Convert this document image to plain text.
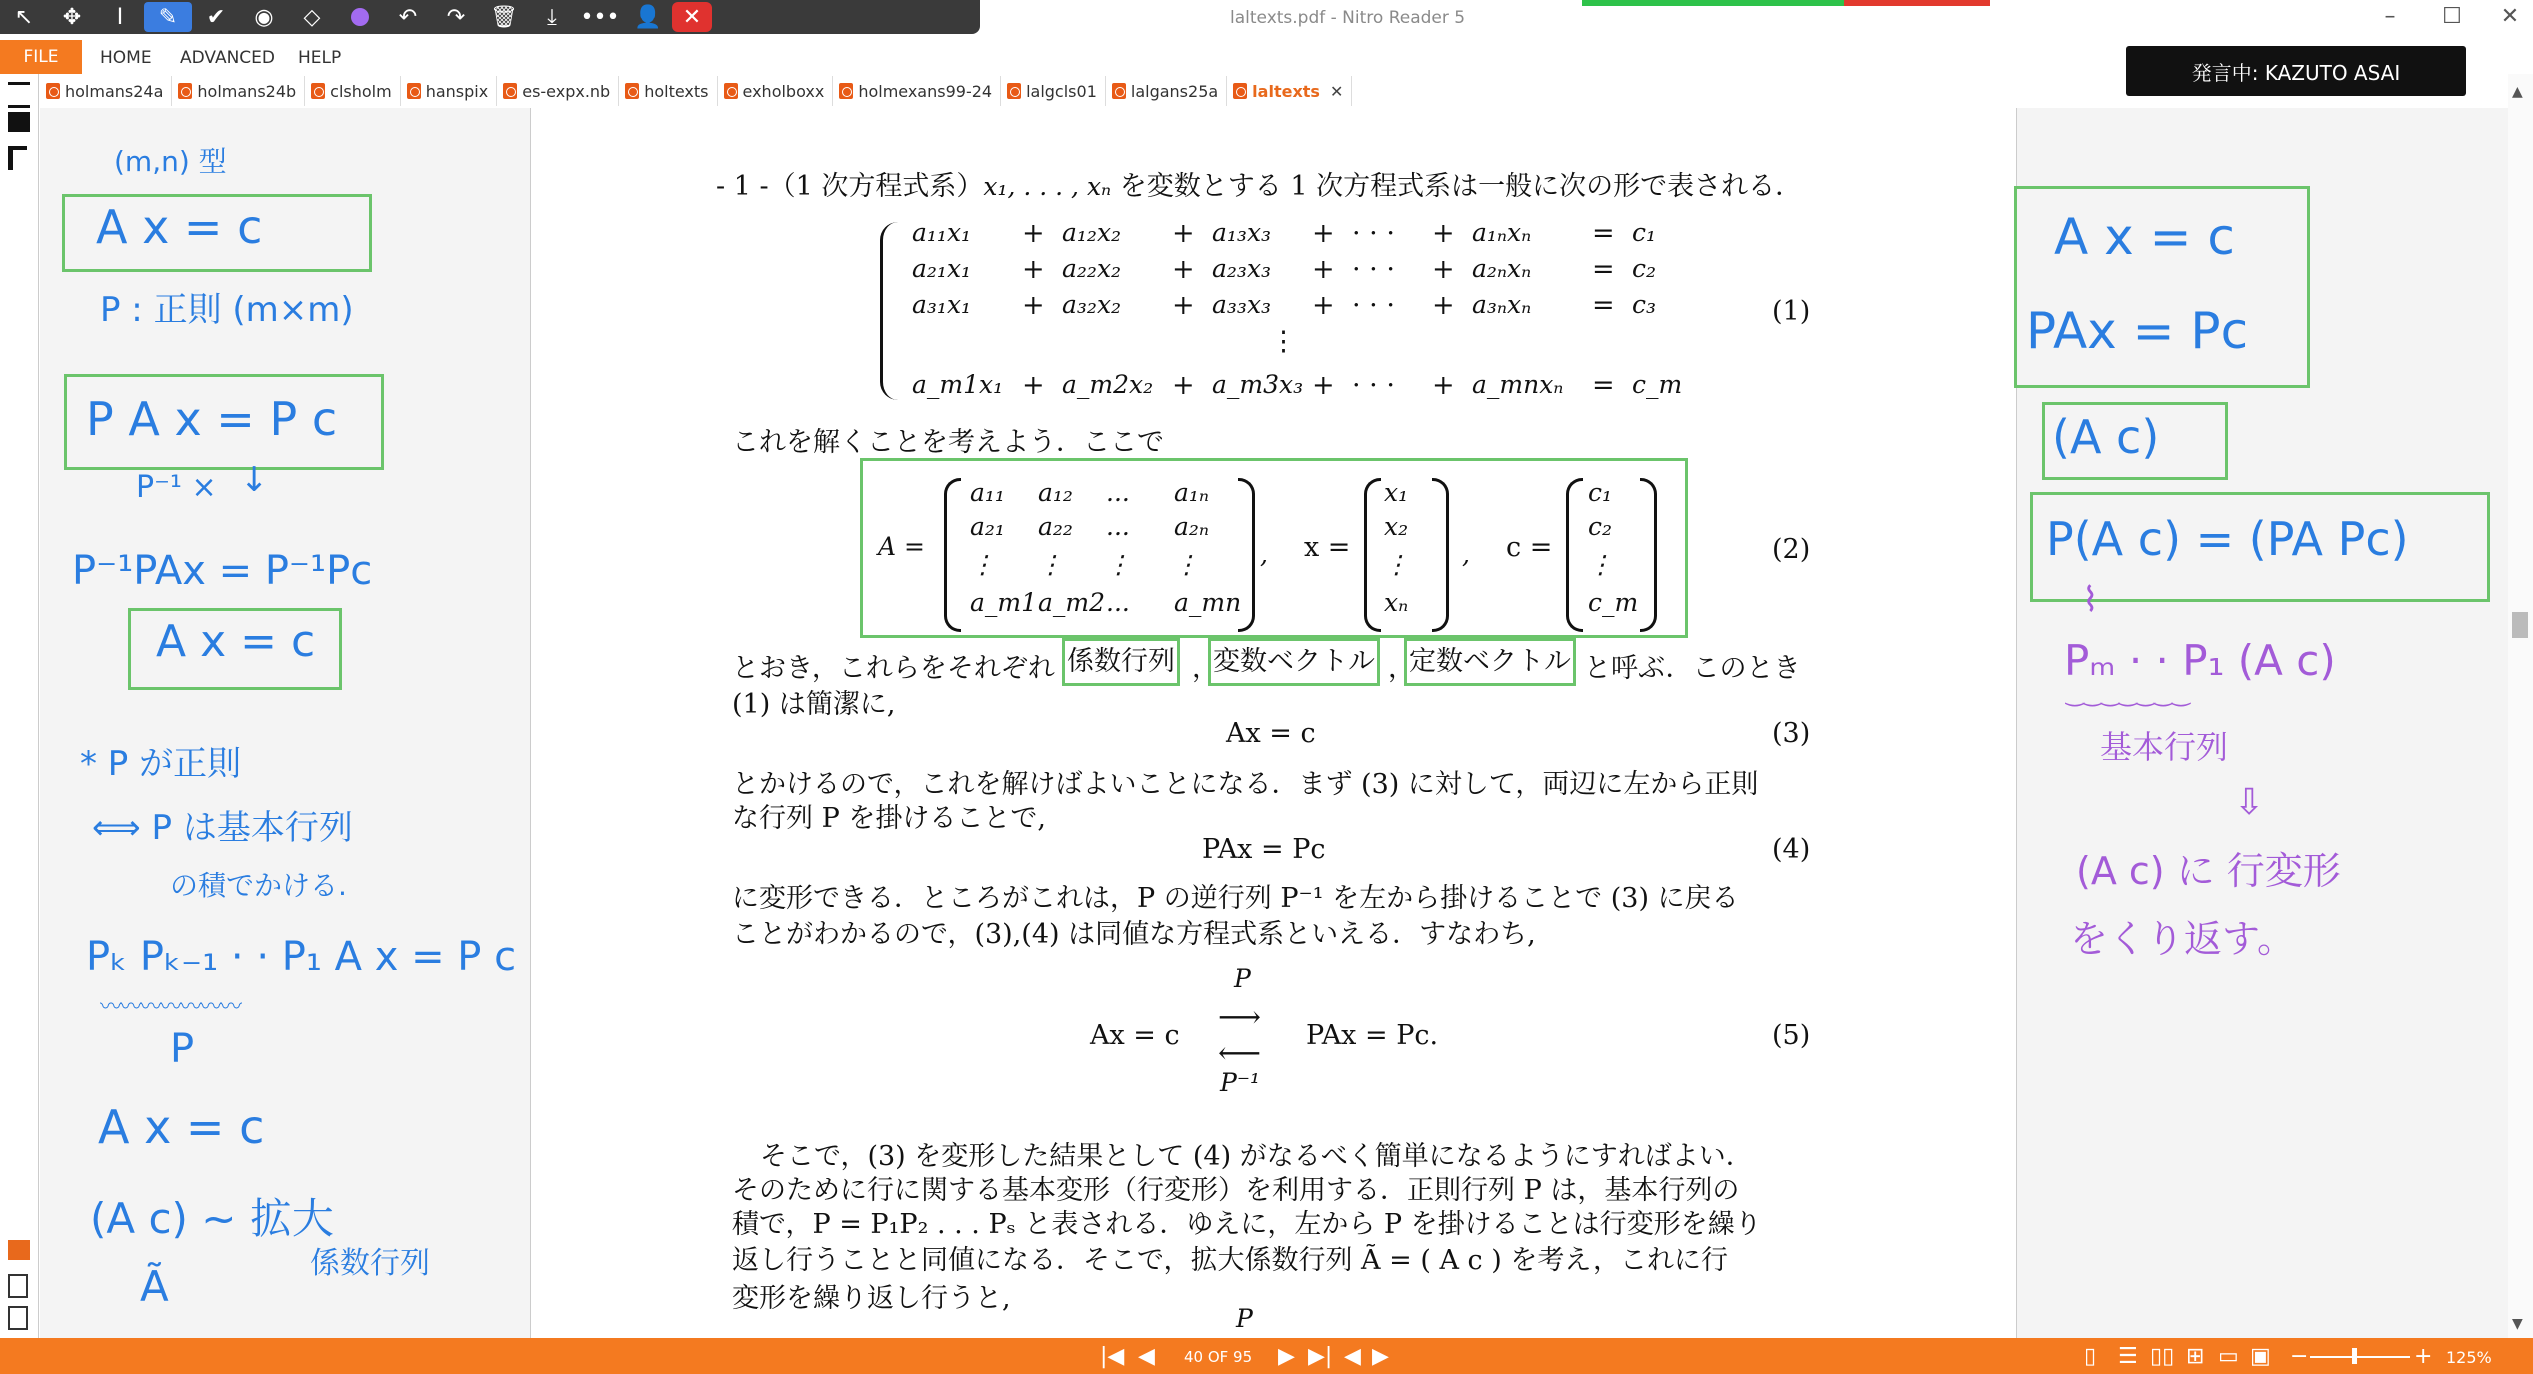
↖	✥	I	✎	✔	◉	◇	↶	↷	🗑	⤓	••• 👤 ✕	laltexts.pdf - Nitro Reader 5	–	☐	✕
FILE	HOME ADVANCED HELP
発言中: KAZUTO ASAI
holmans24a holmans24b clsholm hanspix es-expx.nb holtexts exholboxx holmexans99-24 lalgcls01 lalgans25a laltexts ✕	▲
▼
- 1 -（1 次方程式系）x₁, . . . , xₙ を変数とする 1 次方程式系は一般に次の形で表される．
a₁₁x₁ + a₁₂x₂ + a₁₃x₃ + · · · + a₁ₙxₙ = c₁
a₂₁x₁ + a₂₂x₂ + a₂₃x₃ + · · · + a₂ₙxₙ = c₂
a₃₁x₁ + a₃₂x₂ + a₃₃x₃ + · · · + a₃ₙxₙ = c₃
a_m1x₁ + a_m2x₂ + a_m3x₃ + · · · + a_mnxₙ = c_m
⋮
(1)
これを解くことを考えよう．ここで
A =
a₁₁ a₁₂ ... a₁ₙ
a₂₁ a₂₂ ... a₂ₙ
⋮ ⋮ ⋮ ⋮
a_m1 a_m2 ... a_mn
, x =
x₁
x₂
⋮
xₙ
, c =
c₁
c₂
⋮
c_m
(2)
とおき，これらをそれぞれ 係数行列 ，
変数ベクトル ，
定数ベクトル と呼ぶ．このとき
(1) は簡潔に,
Ax = c	(3)
とかけるので，これを解けばよいことになる．まず (3) に対して，両辺に左から正則
な行列 P を掛けることで,
PAx = Pc	(4)
に変形できる．ところがこれは，P の逆行列 P⁻¹ を左から掛けることで (3) に戻る
ことがわかるので，(3),(4) は同値な方程式系といえる．すなわち,
P
Ax = c
⟶
⟵
P⁻¹
PAx = Pc.	(5)
そこで，(3) を変形した結果として (4) がなるべく簡単になるようにすればよい．
そのために行に関する基本変形（行変形）を利用する．正則行列 P は，基本行列の
積で，P = P₁P₂ . . . Pₛ と表される．ゆえに，左から P を掛けることは行変形を繰り
返し行うことと同値になる．そこで，拡大係数行列 Ã = ( A c ) を考え，これに行
変形を繰り返し行うと,
P
(m,n) 型
A x = c
P : 正則 (m×m)
P A x = P c
P⁻¹ × ↓
P⁻¹PAx = P⁻¹Pc
A x = c
* P が正則
⟺ P は基本行列
の積でかける.
Pₖ Pₖ₋₁ · · P₁ A x = P c
〰〰〰〰〰〰〰
P
A x = c
(A c) ~ 拡大
係数行列
Ã
A x = c
PAx = Pc
(A c)
P(A c) = (PA Pc)
⌇
Pₘ · · P₁ (A c)
‿‿‿‿‿‿‿
基本行列
⇩
(A c) に 行変形
をくり返す。
|◀ ◀ 40 OF 95 ▶ ▶| ◀ ▶	▯ ☰ ▯▯ ⊞ ▭ ▣ −	+ 125%
